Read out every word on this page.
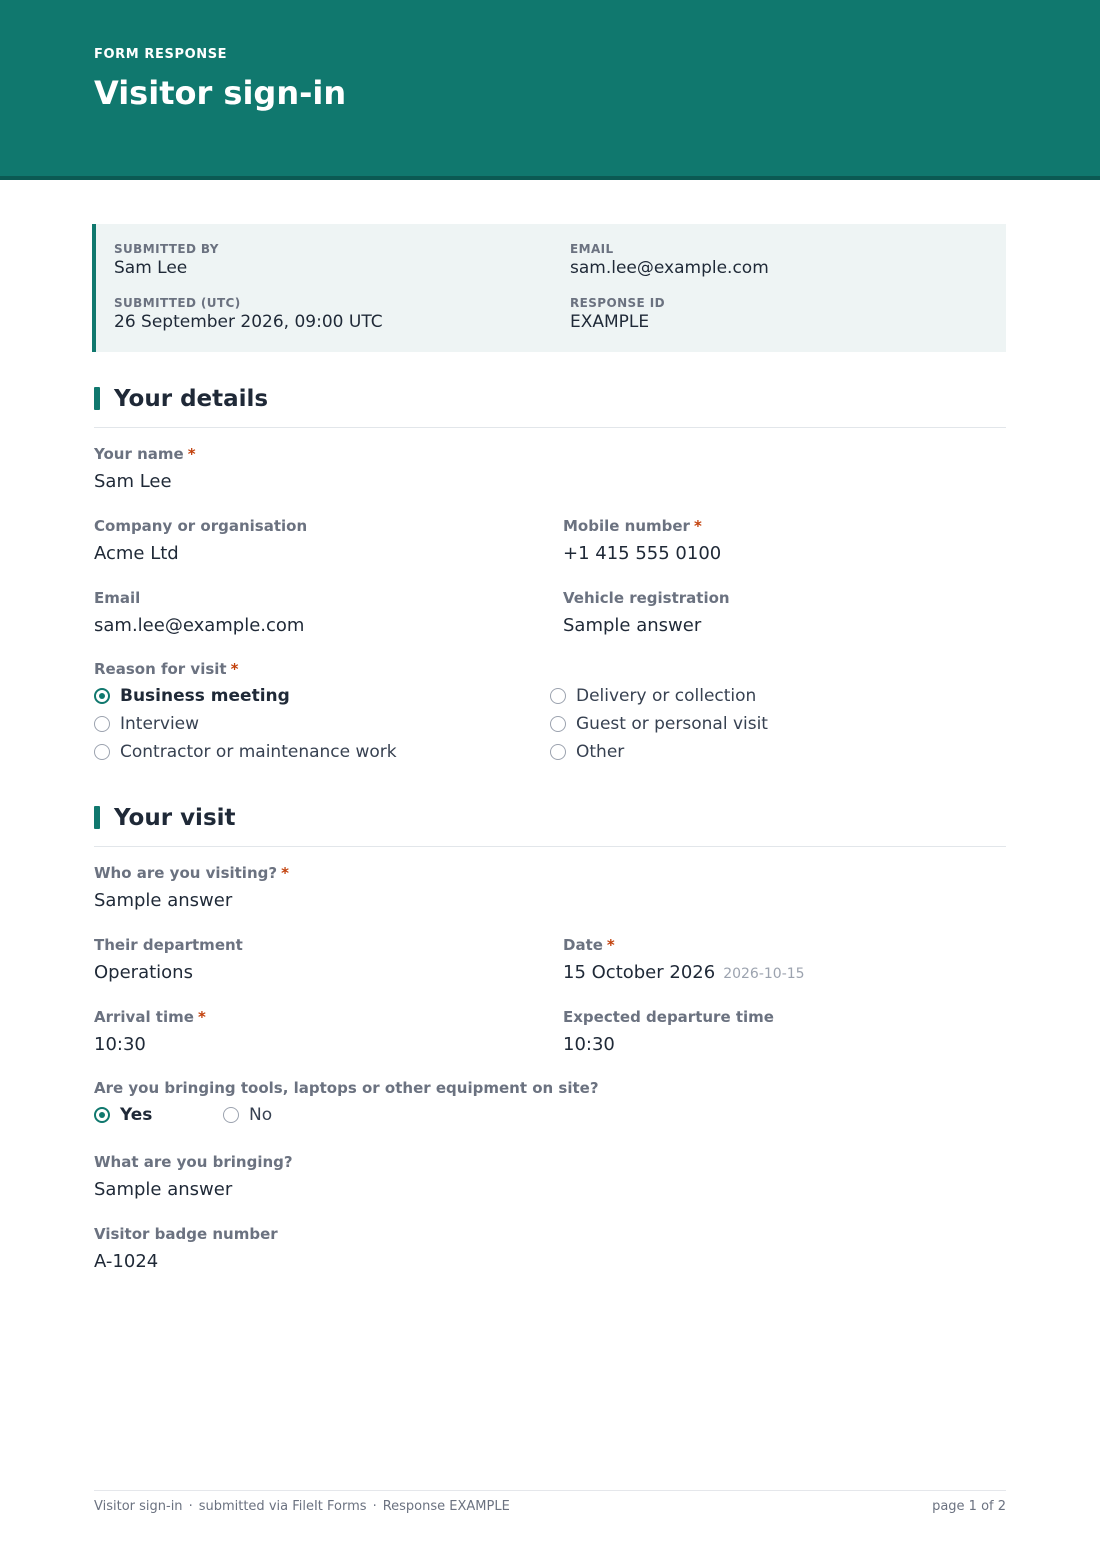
FORM RESPONSE
Visitor sign-in
SUBMITTED BY
Sam Lee
EMAIL
sam.lee@example.com
SUBMITTED (UTC)
26 September 2026, 09:00 UTC
RESPONSE ID
EXAMPLE
Your details
Your name *
Sam Lee
Company or organisation
Acme Ltd
Mobile number *
+1 415 555 0100
Email
sam.lee@example.com
Vehicle registration
Sample answer
Reason for visit *
Business meeting
Interview
Contractor or maintenance work
Delivery or collection
Guest or personal visit
Other
Your visit
Who are you visiting? *
Sample answer
Their department
Operations
Date *
15 October 2026 2026-10-15
Arrival time *
10:30
Expected departure time
10:30
Are you bringing tools, laptops or other equipment on site?
Yes	No
What are you bringing?
Sample answer
Visitor badge number
A-1024
Visitor sign-in · submitted via FileIt Forms · Response EXAMPLE	page 1 of 2
